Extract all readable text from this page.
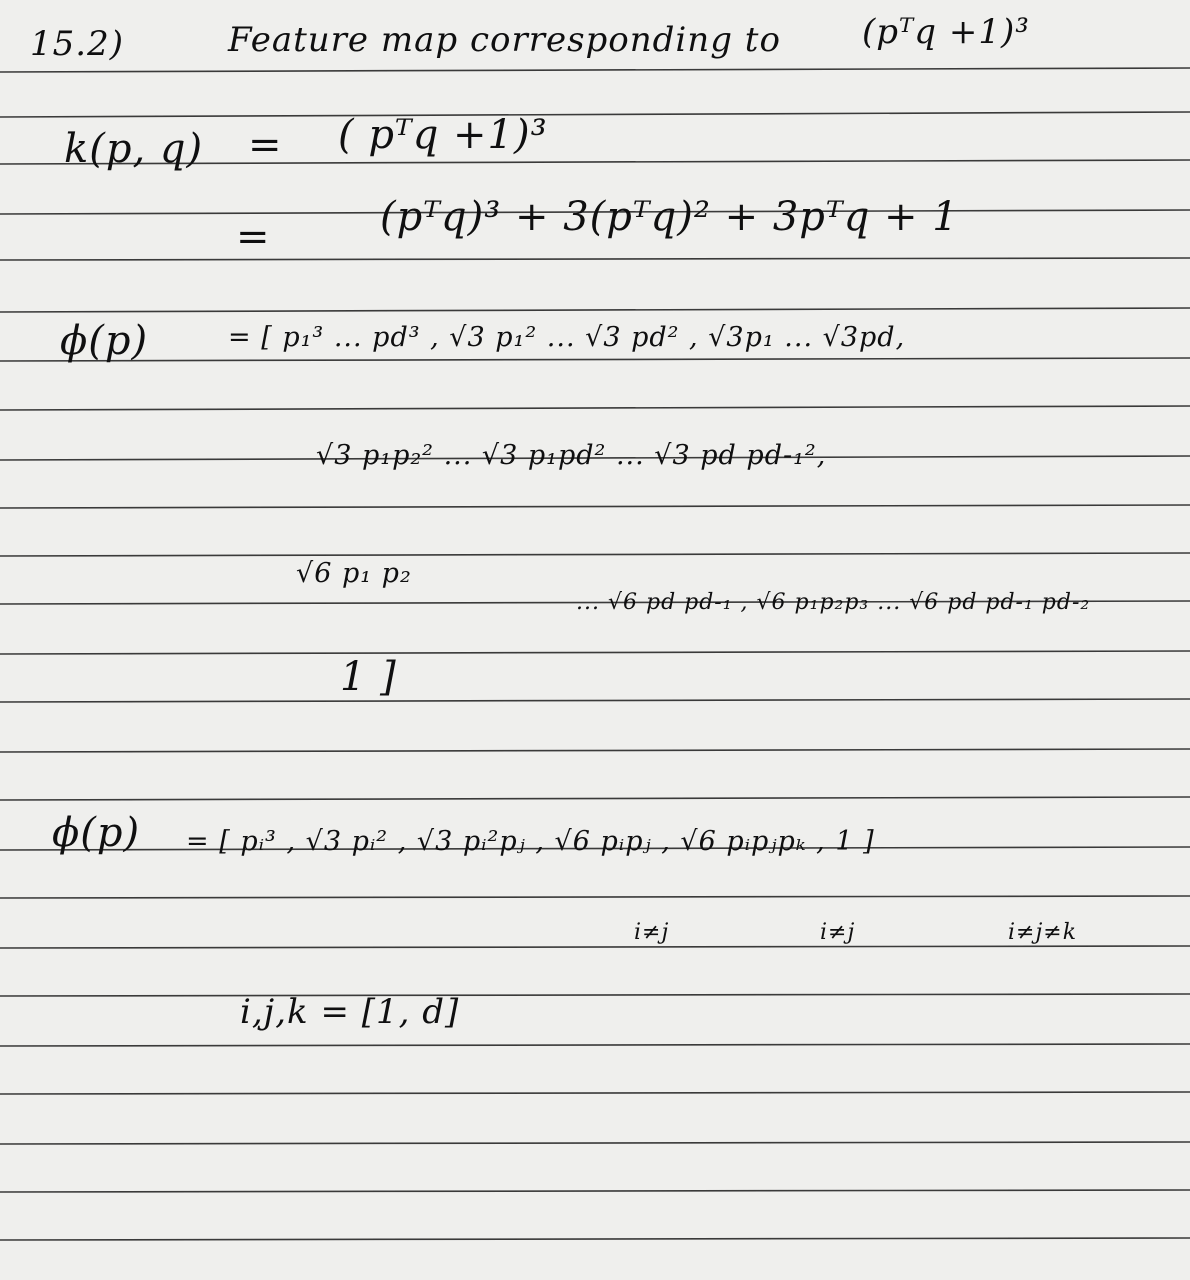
15.2)	Feature map corresponding to (pᵀq +1)³
k(p, q) = ( pᵀq +1)³
=	(pᵀq)³ + 3(pᵀq)² + 3pᵀq + 1
ϕ(p)	= [ p₁³ ... pd³ , √3 p₁² ... √3 pd² , √3p₁ ... √3pd,
√3 p₁p₂² ... √3 p₁pd² ... √3 pd pd-₁²,
√6 p₁ p₂
... √6 pd pd-₁ , √6 p₁p₂p₃ ... √6 pd pd-₁ pd-₂
1 ]
ϕ(p) = [ pᵢ³ , √3 pᵢ² , √3 pᵢ²pⱼ , √6 pᵢpⱼ , √6 pᵢpⱼpₖ , 1 ]
i≠j	i≠j	i≠j≠k
i,j,k = [1, d]
